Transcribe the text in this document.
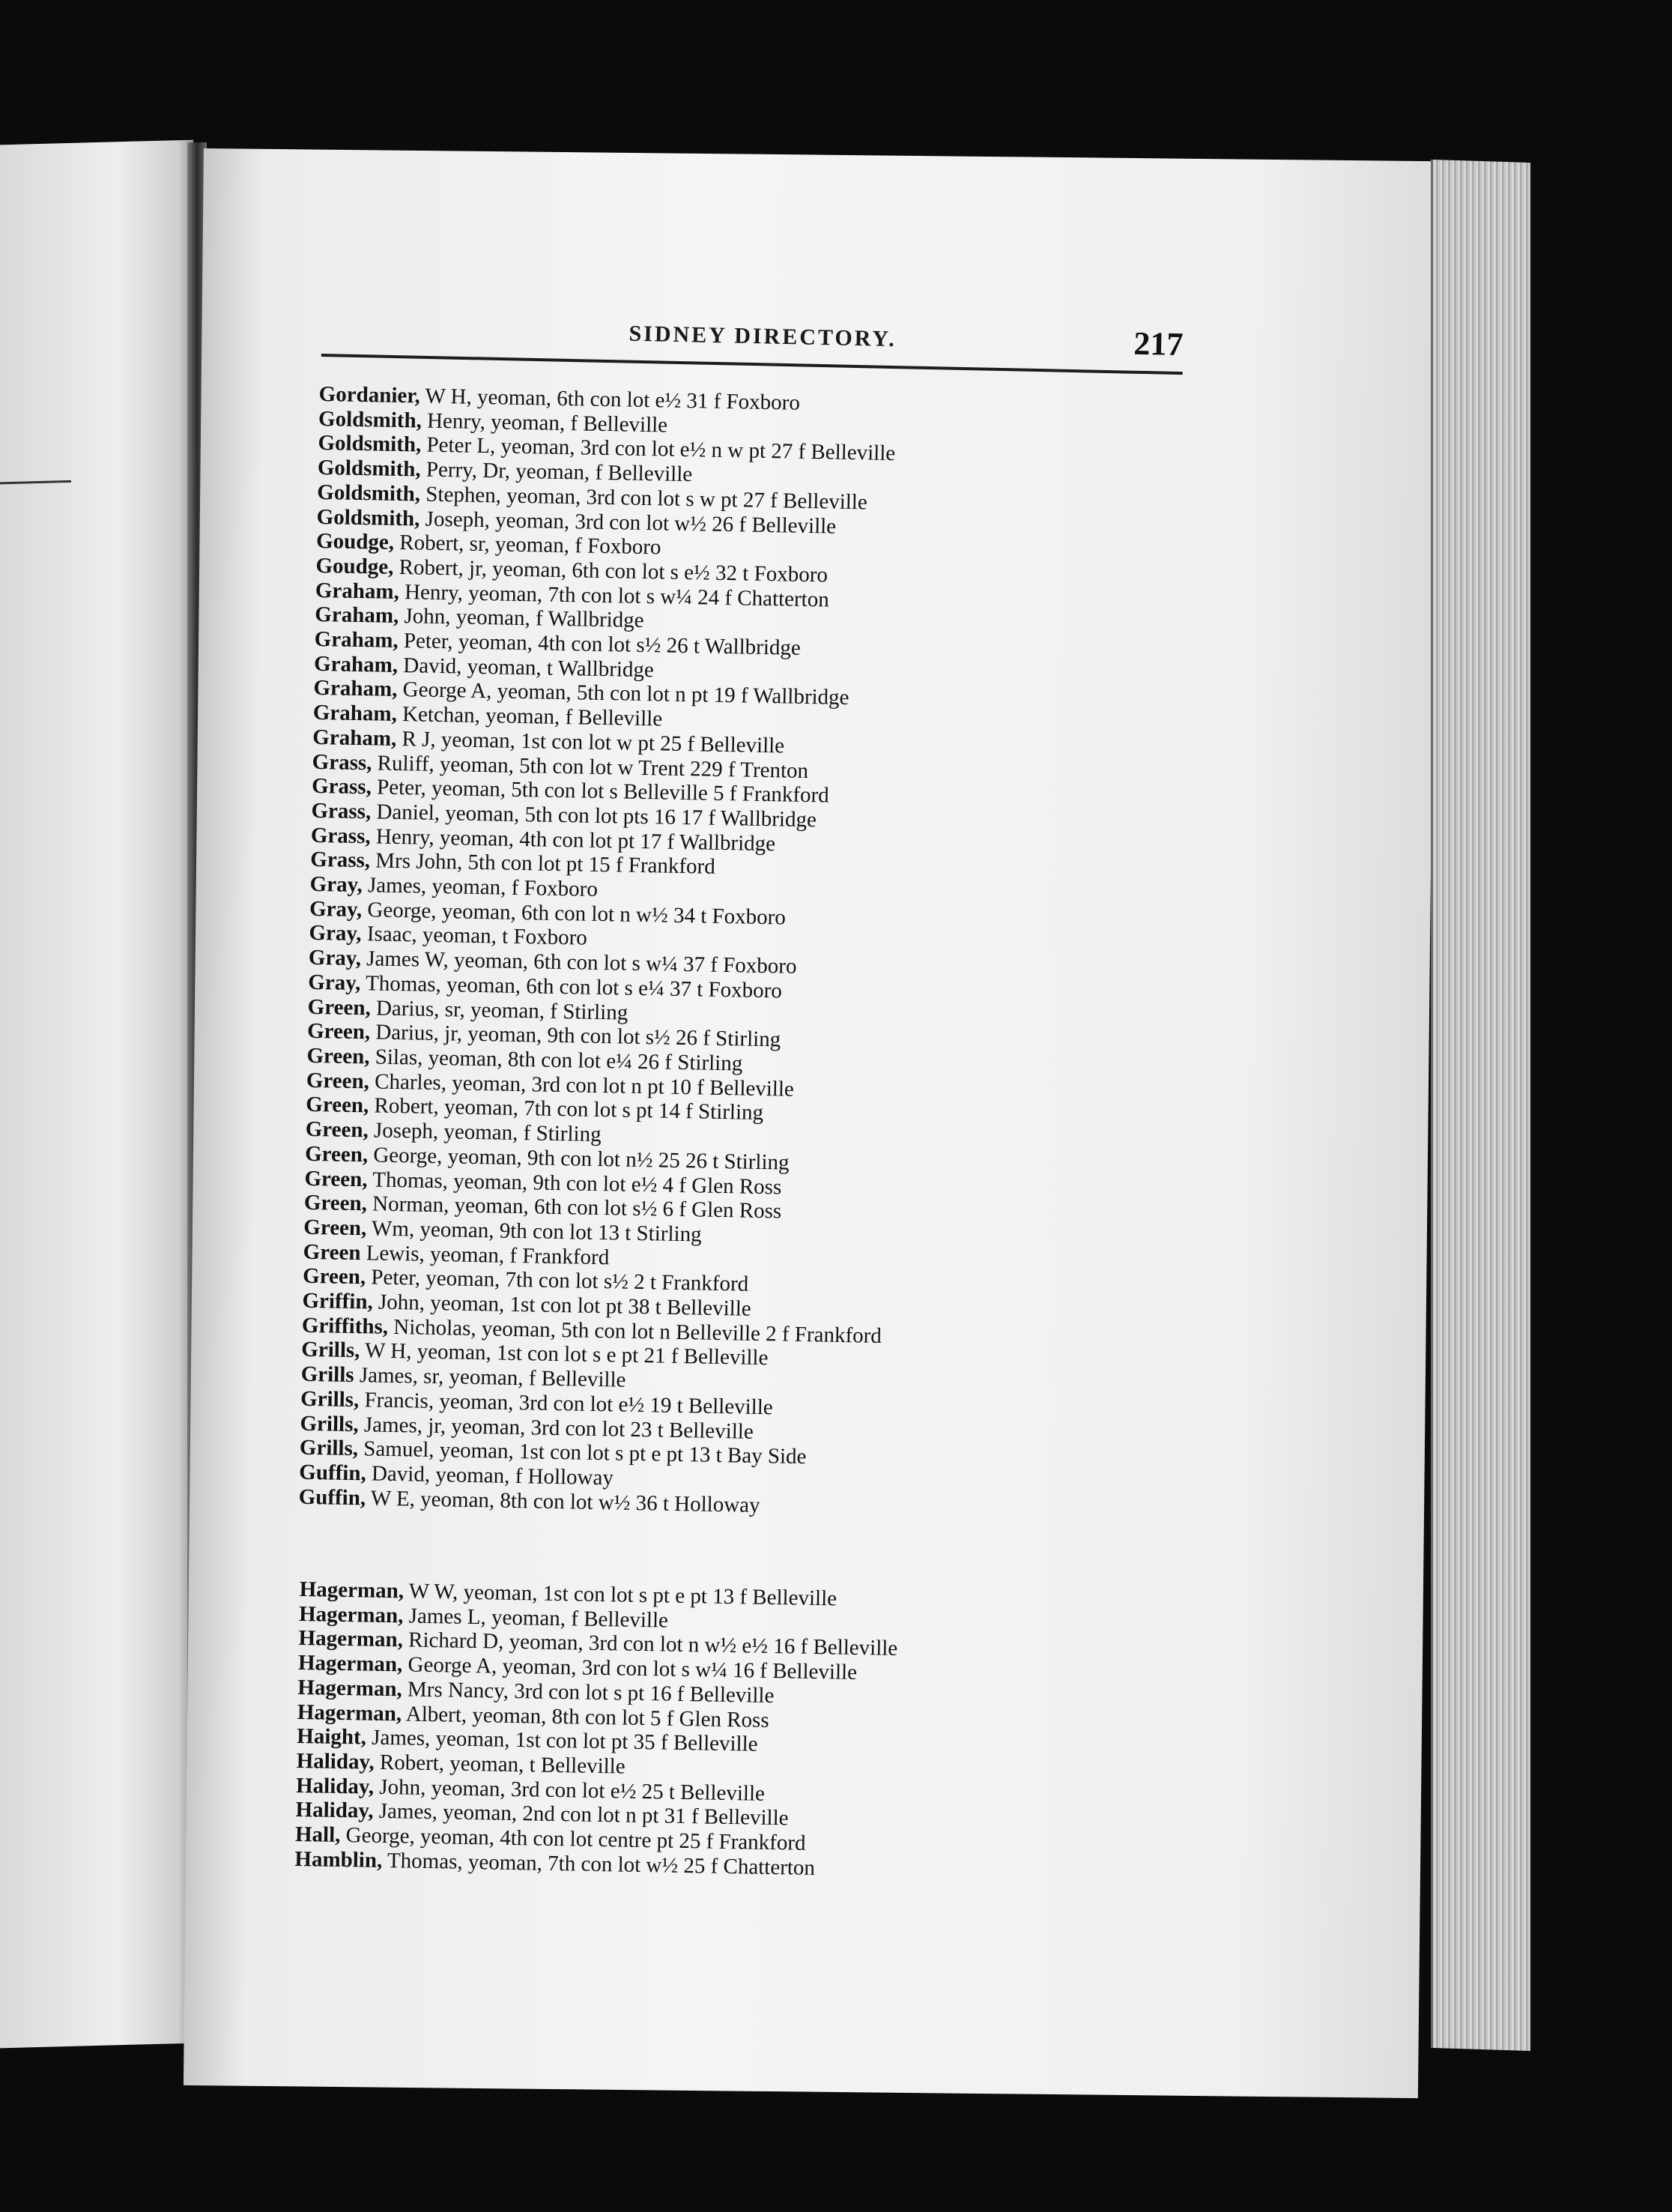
SIDNEY DIRECTORY.	217
Gordanier, W H, yeoman, 6th con lot e½ 31 f Foxboro
Goldsmith, Henry, yeoman, f Belleville
Goldsmith, Peter L, yeoman, 3rd con lot e½ n w pt 27 f Belleville
Goldsmith, Perry, Dr, yeoman, f Belleville
Goldsmith, Stephen, yeoman, 3rd con lot s w pt 27 f Belleville
Goldsmith, Joseph, yeoman, 3rd con lot w½ 26 f Belleville
Goudge, Robert, sr, yeoman, f Foxboro
Goudge, Robert, jr, yeoman, 6th con lot s e½ 32 t Foxboro
Graham, Henry, yeoman, 7th con lot s w¼ 24 f Chatterton
Graham, John, yeoman, f Wallbridge
Graham, Peter, yeoman, 4th con lot s½ 26 t Wallbridge
Graham, David, yeoman, t Wallbridge
Graham, George A, yeoman, 5th con lot n pt 19 f Wallbridge
Graham, Ketchan, yeoman, f Belleville
Graham, R J, yeoman, 1st con lot w pt 25 f Belleville
Grass, Ruliff, yeoman, 5th con lot w Trent 229 f Trenton
Grass, Peter, yeoman, 5th con lot s Belleville 5 f Frankford
Grass, Daniel, yeoman, 5th con lot pts 16 17 f Wallbridge
Grass, Henry, yeoman, 4th con lot pt 17 f Wallbridge
Grass, Mrs John, 5th con lot pt 15 f Frankford
Gray, James, yeoman, f Foxboro
Gray, George, yeoman, 6th con lot n w½ 34 t Foxboro
Gray, Isaac, yeoman, t Foxboro
Gray, James W, yeoman, 6th con lot s w¼ 37 f Foxboro
Gray, Thomas, yeoman, 6th con lot s e¼ 37 t Foxboro
Green, Darius, sr, yeoman, f Stirling
Green, Darius, jr, yeoman, 9th con lot s½ 26 f Stirling
Green, Silas, yeoman, 8th con lot e¼ 26 f Stirling
Green, Charles, yeoman, 3rd con lot n pt 10 f Belleville
Green, Robert, yeoman, 7th con lot s pt 14 f Stirling
Green, Joseph, yeoman, f Stirling
Green, George, yeoman, 9th con lot n½ 25 26 t Stirling
Green, Thomas, yeoman, 9th con lot e½ 4 f Glen Ross
Green, Norman, yeoman, 6th con lot s½ 6 f Glen Ross
Green, Wm, yeoman, 9th con lot 13 t Stirling
Green Lewis, yeoman, f Frankford
Green, Peter, yeoman, 7th con lot s½ 2 t Frankford
Griffin, John, yeoman, 1st con lot pt 38 t Belleville
Griffiths, Nicholas, yeoman, 5th con lot n Belleville 2 f Frankford
Grills, W H, yeoman, 1st con lot s e pt 21 f Belleville
Grills James, sr, yeoman, f Belleville
Grills, Francis, yeoman, 3rd con lot e½ 19 t Belleville
Grills, James, jr, yeoman, 3rd con lot 23 t Belleville
Grills, Samuel, yeoman, 1st con lot s pt e pt 13 t Bay Side
Guffin, David, yeoman, f Holloway
Guffin, W E, yeoman, 8th con lot w½ 36 t Holloway
Hagerman, W W, yeoman, 1st con lot s pt e pt 13 f Belleville
Hagerman, James L, yeoman, f Belleville
Hagerman, Richard D, yeoman, 3rd con lot n w½ e½ 16 f Belleville
Hagerman, George A, yeoman, 3rd con lot s w¼ 16 f Belleville
Hagerman, Mrs Nancy, 3rd con lot s pt 16 f Belleville
Hagerman, Albert, yeoman, 8th con lot 5 f Glen Ross
Haight, James, yeoman, 1st con lot pt 35 f Belleville
Haliday, Robert, yeoman, t Belleville
Haliday, John, yeoman, 3rd con lot e½ 25 t Belleville
Haliday, James, yeoman, 2nd con lot n pt 31 f Belleville
Hall, George, yeoman, 4th con lot centre pt 25 f Frankford
Hamblin, Thomas, yeoman, 7th con lot w½ 25 f Chatterton
